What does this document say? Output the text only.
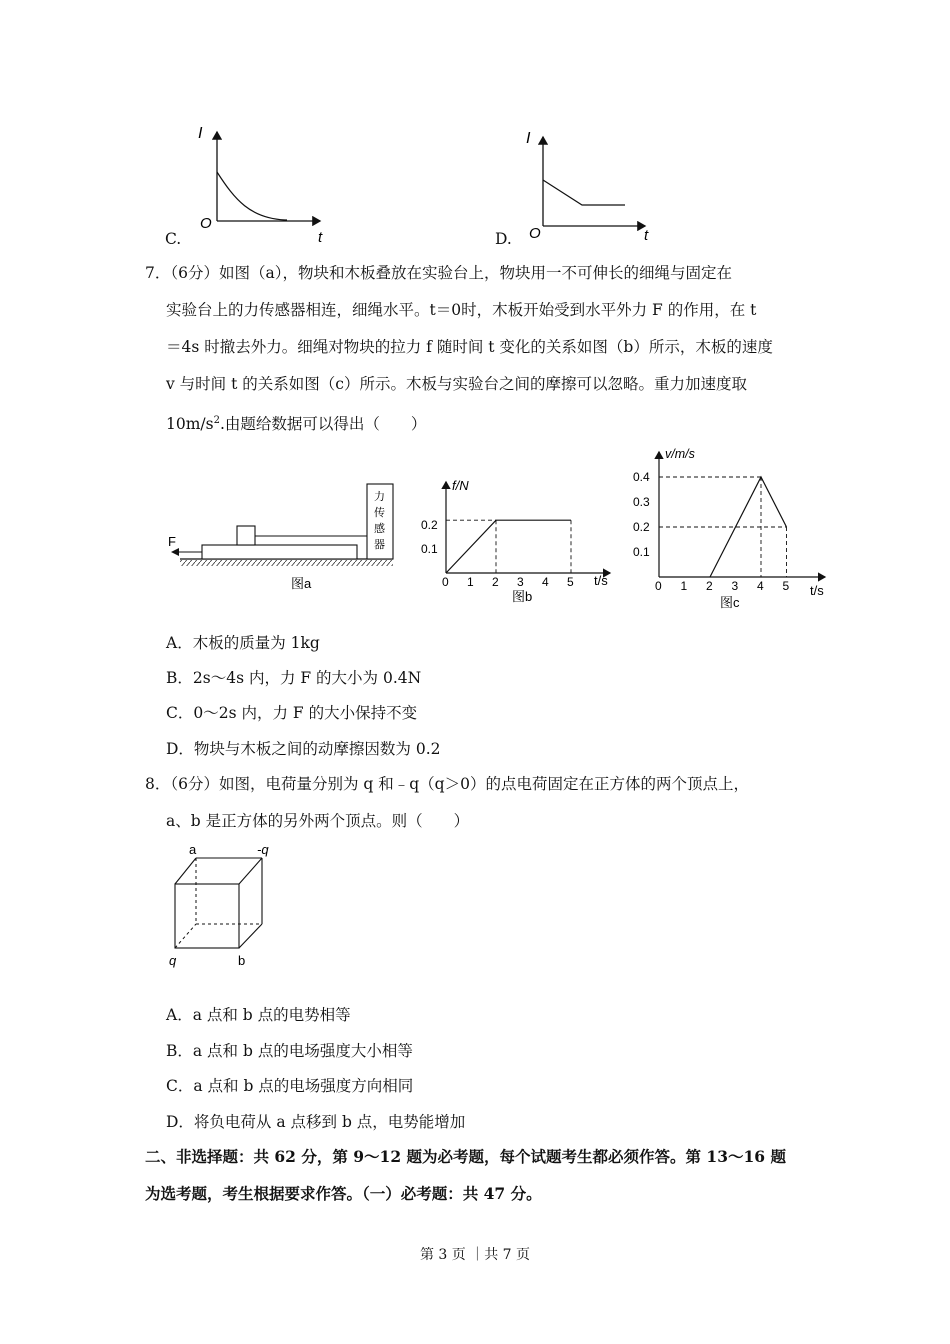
C.
I
O
t	D.
I
O	t
7．（6分）如图（a），物块和木板叠放在实验台上，物块用一不可伸长的细绳与固定在
实验台上的力传感器相连，细绳水平。t＝0时，木板开始受到水平外力 F 的作用，在 t
＝4s 时撤去外力。细绳对物块的拉力 f 随时间 t 变化的关系如图（b）所示，木板的速度
v 与时间 t 的关系如图（c）所示。木板与实验台之间的摩擦可以忽略。重力加速度取
$10m/s^2$.由题给数据可以得出（　　）
力
传
感
器
F
图a	0 1 2 3 4 5
0.2
0.1
f/N
t/s
图b
0 1 2 3 4 5
0.4
0.3
0.2
0.1
v/m/s
t/s
图c
A．木板的质量为 1kg
B．2s～4s 内，力 F 的大小为 0.4N
C．0～2s 内，力 F 的大小保持不变
D．物块与木板之间的动摩擦因数为 0.2
8．（6分）如图，电荷量分别为 q 和﹣q（q＞0）的点电荷固定在正方体的两个顶点上，
a、b 是正方体的另外两个顶点。则（　　）
a	-q
q	b
A．a 点和 b 点的电势相等
B．a 点和 b 点的电场强度大小相等
C．a 点和 b 点的电场强度方向相同
D．将负电荷从 a 点移到 b 点，电势能增加
二、非选择题：共 62 分，第 9～12 题为必考题，每个试题考生都必须作答。第 13～16 题
为选考题，考生根据要求作答。（一）必考题：共 47 分。
第 3 页 ｜共 7 页
